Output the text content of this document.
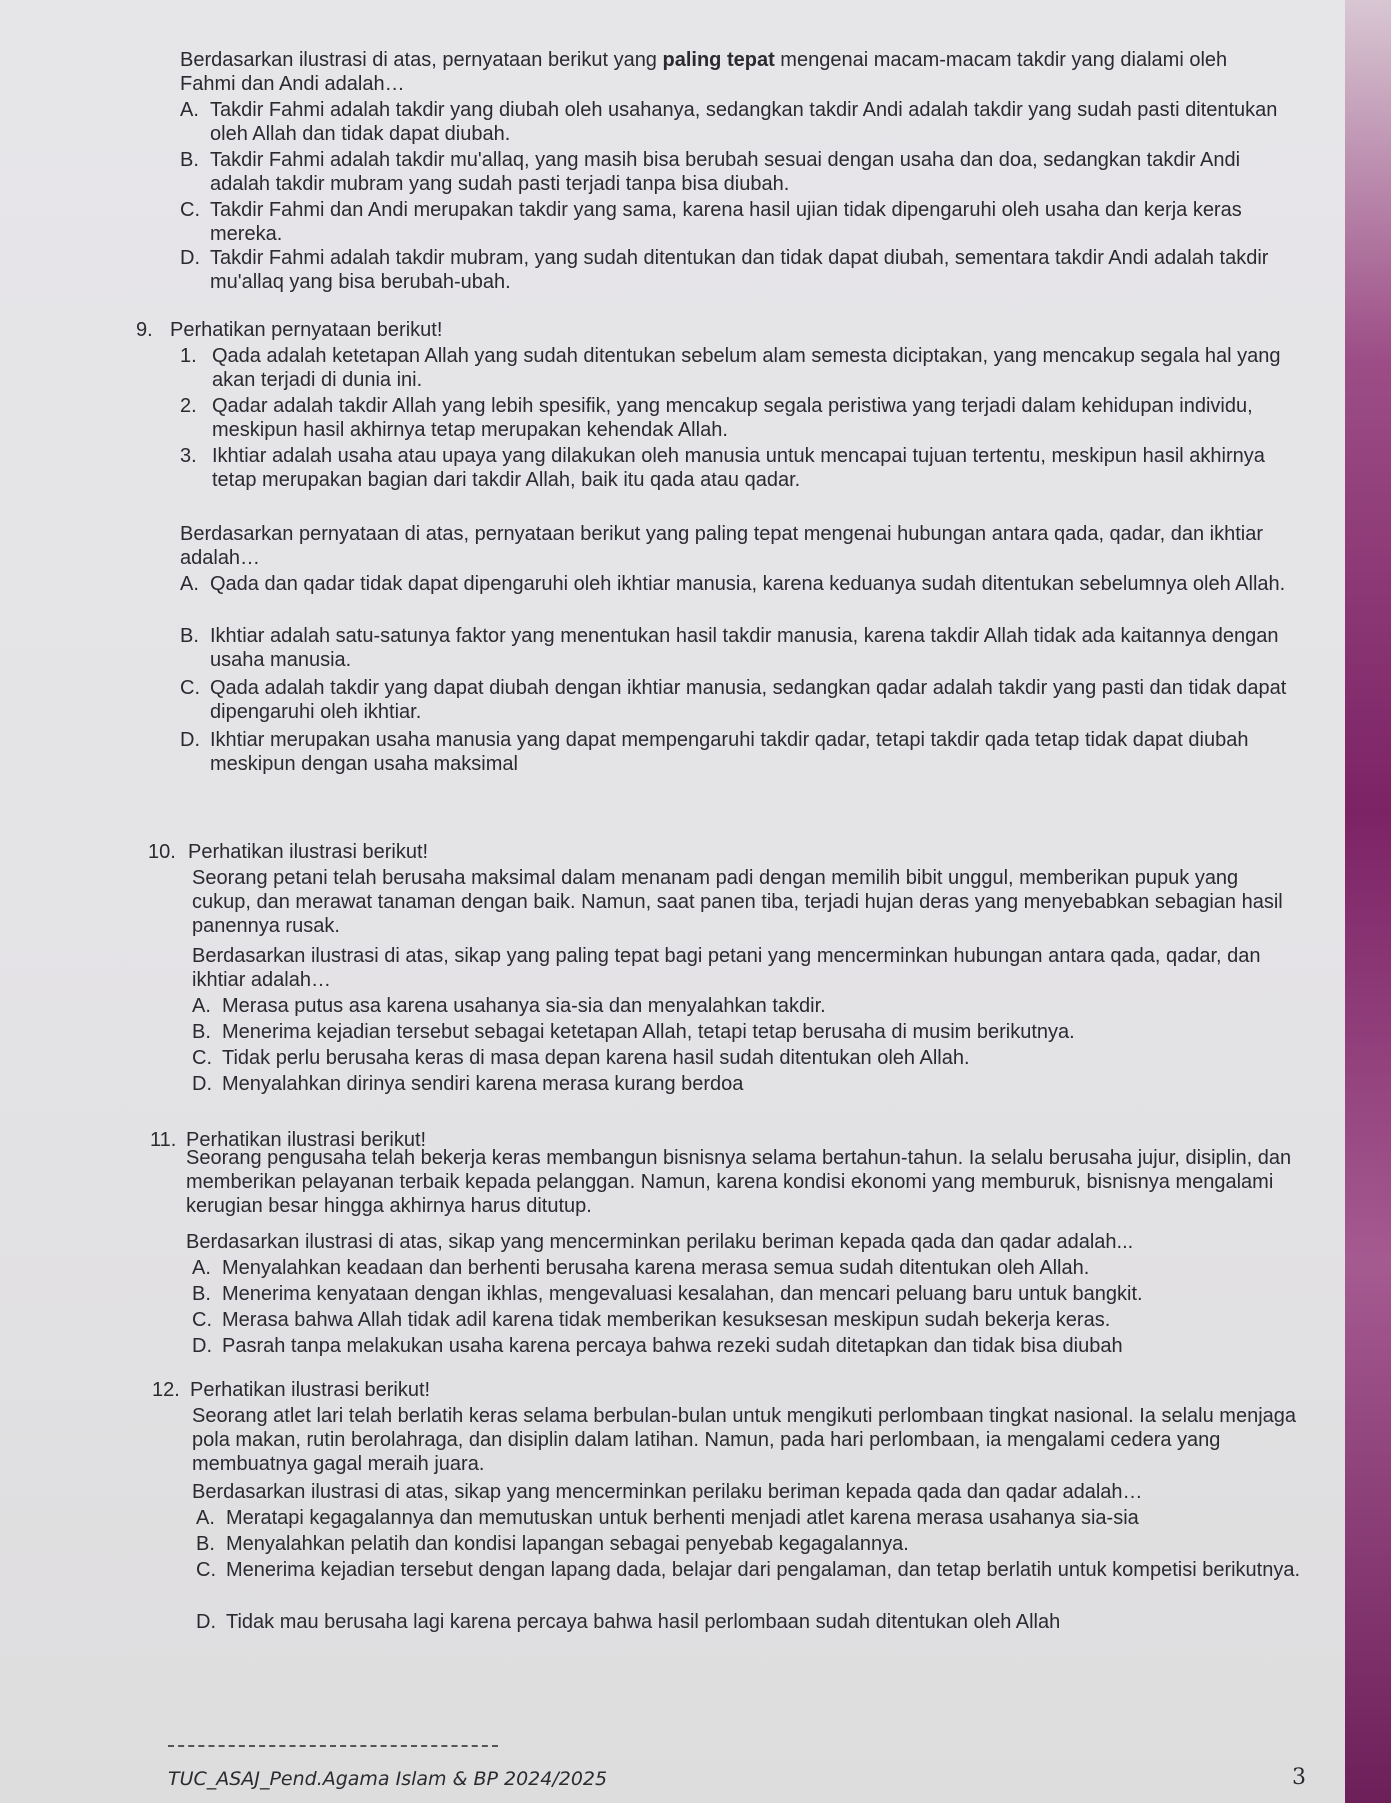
Berdasarkan ilustrasi di atas, pernyataan berikut yang paling tepat mengenai macam-macam takdir yang dialami oleh Fahmi dan Andi adalah…
A. Takdir Fahmi adalah takdir yang diubah oleh usahanya, sedangkan takdir Andi adalah takdir yang sudah pasti ditentukan oleh Allah dan tidak dapat diubah.
B. Takdir Fahmi adalah takdir mu'allaq, yang masih bisa berubah sesuai dengan usaha dan doa, sedangkan takdir Andi adalah takdir mubram yang sudah pasti terjadi tanpa bisa diubah.
C. Takdir Fahmi dan Andi merupakan takdir yang sama, karena hasil ujian tidak dipengaruhi oleh usaha dan kerja keras mereka.
D. Takdir Fahmi adalah takdir mubram, yang sudah ditentukan dan tidak dapat diubah, sementara takdir Andi adalah takdir mu'allaq yang bisa berubah-ubah.
9. Perhatikan pernyataan berikut!
1. Qada adalah ketetapan Allah yang sudah ditentukan sebelum alam semesta diciptakan, yang mencakup segala hal yang akan terjadi di dunia ini.
2. Qadar adalah takdir Allah yang lebih spesifik, yang mencakup segala peristiwa yang terjadi dalam kehidupan individu, meskipun hasil akhirnya tetap merupakan kehendak Allah.
3. Ikhtiar adalah usaha atau upaya yang dilakukan oleh manusia untuk mencapai tujuan tertentu, meskipun hasil akhirnya tetap merupakan bagian dari takdir Allah, baik itu qada atau qadar.
Berdasarkan pernyataan di atas, pernyataan berikut yang paling tepat mengenai hubungan antara qada, qadar, dan ikhtiar adalah…
A. Qada dan qadar tidak dapat dipengaruhi oleh ikhtiar manusia, karena keduanya sudah ditentukan sebelumnya oleh Allah.
B. Ikhtiar adalah satu-satunya faktor yang menentukan hasil takdir manusia, karena takdir Allah tidak ada kaitannya dengan usaha manusia.
C. Qada adalah takdir yang dapat diubah dengan ikhtiar manusia, sedangkan qadar adalah takdir yang pasti dan tidak dapat dipengaruhi oleh ikhtiar.
D. Ikhtiar merupakan usaha manusia yang dapat mempengaruhi takdir qadar, tetapi takdir qada tetap tidak dapat diubah meskipun dengan usaha maksimal
10. Perhatikan ilustrasi berikut!
Seorang petani telah berusaha maksimal dalam menanam padi dengan memilih bibit unggul, memberikan pupuk yang cukup, dan merawat tanaman dengan baik. Namun, saat panen tiba, terjadi hujan deras yang menyebabkan sebagian hasil panennya rusak.
Berdasarkan ilustrasi di atas, sikap yang paling tepat bagi petani yang mencerminkan hubungan antara qada, qadar, dan ikhtiar adalah…
A. Merasa putus asa karena usahanya sia-sia dan menyalahkan takdir.
B. Menerima kejadian tersebut sebagai ketetapan Allah, tetapi tetap berusaha di musim berikutnya.
C. Tidak perlu berusaha keras di masa depan karena hasil sudah ditentukan oleh Allah.
D. Menyalahkan dirinya sendiri karena merasa kurang berdoa
11. Perhatikan ilustrasi berikut!
Seorang pengusaha telah bekerja keras membangun bisnisnya selama bertahun-tahun. Ia selalu berusaha jujur, disiplin, dan memberikan pelayanan terbaik kepada pelanggan. Namun, karena kondisi ekonomi yang memburuk, bisnisnya mengalami kerugian besar hingga akhirnya harus ditutup.
Berdasarkan ilustrasi di atas, sikap yang mencerminkan perilaku beriman kepada qada dan qadar adalah...
A. Menyalahkan keadaan dan berhenti berusaha karena merasa semua sudah ditentukan oleh Allah.
B. Menerima kenyataan dengan ikhlas, mengevaluasi kesalahan, dan mencari peluang baru untuk bangkit.
C. Merasa bahwa Allah tidak adil karena tidak memberikan kesuksesan meskipun sudah bekerja keras.
D. Pasrah tanpa melakukan usaha karena percaya bahwa rezeki sudah ditetapkan dan tidak bisa diubah
12. Perhatikan ilustrasi berikut!
Seorang atlet lari telah berlatih keras selama berbulan-bulan untuk mengikuti perlombaan tingkat nasional. Ia selalu menjaga pola makan, rutin berolahraga, dan disiplin dalam latihan. Namun, pada hari perlombaan, ia mengalami cedera yang membuatnya gagal meraih juara.
Berdasarkan ilustrasi di atas, sikap yang mencerminkan perilaku beriman kepada qada dan qadar adalah…
A. Meratapi kegagalannya dan memutuskan untuk berhenti menjadi atlet karena merasa usahanya sia-sia
B. Menyalahkan pelatih dan kondisi lapangan sebagai penyebab kegagalannya.
C. Menerima kejadian tersebut dengan lapang dada, belajar dari pengalaman, dan tetap berlatih untuk kompetisi berikutnya.
D. Tidak mau berusaha lagi karena percaya bahwa hasil perlombaan sudah ditentukan oleh Allah
TUC_ASAJ_Pend.Agama Islam & BP 2024/2025	3
